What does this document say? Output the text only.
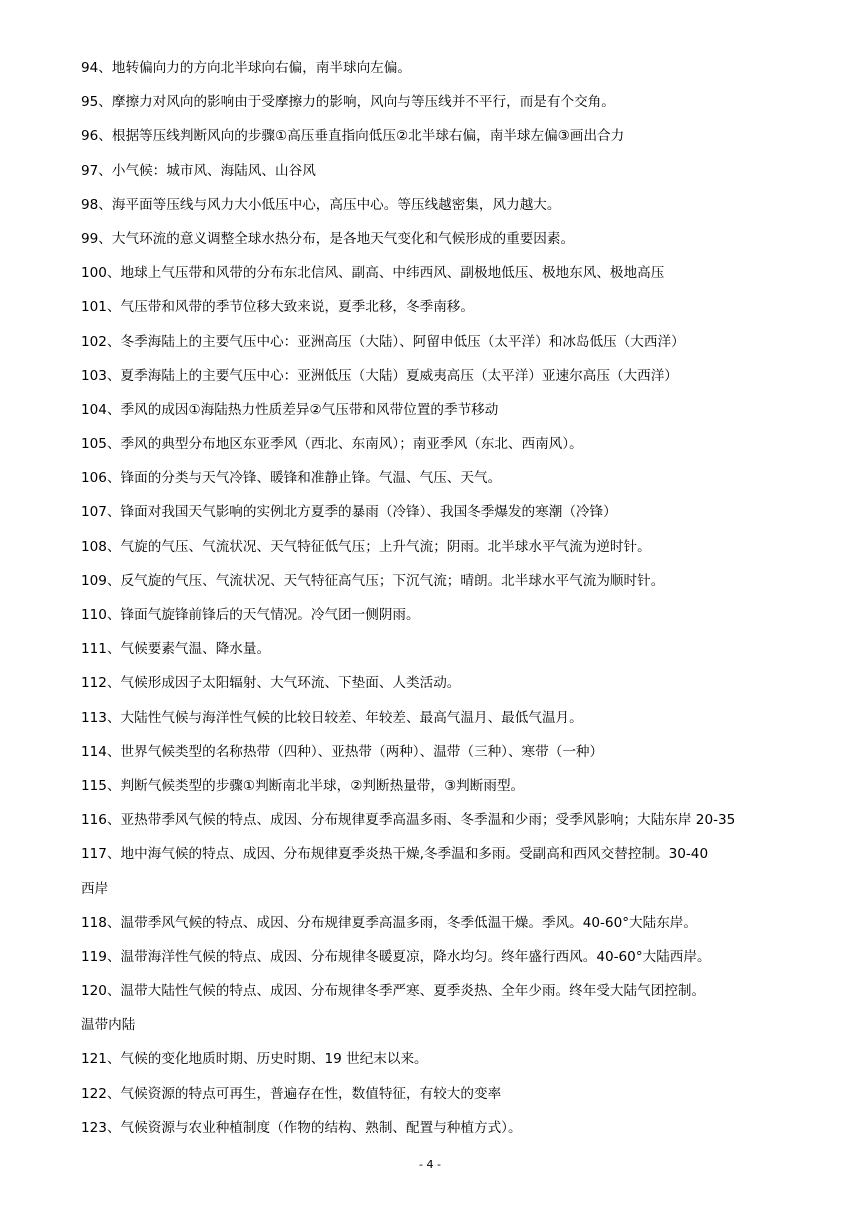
94、地转偏向力的方向北半球向右偏，南半球向左偏。
95、摩擦力对风向的影响由于受摩擦力的影响，风向与等压线并不平行，而是有个交角。
96、根据等压线判断风向的步骤①高压垂直指向低压②北半球右偏，南半球左偏③画出合力
97、小气候：城市风、海陆风、山谷风
98、海平面等压线与风力大小低压中心，高压中心。等压线越密集，风力越大。
99、大气环流的意义调整全球水热分布，是各地天气变化和气候形成的重要因素。
100、地球上气压带和风带的分布东北信风、副高、中纬西风、副极地低压、极地东风、极地高压
101、气压带和风带的季节位移大致来说，夏季北移，冬季南移。
102、冬季海陆上的主要气压中心：亚洲高压（大陆）、阿留申低压（太平洋）和冰岛低压（大西洋）
103、夏季海陆上的主要气压中心：亚洲低压（大陆）夏威夷高压（太平洋）亚速尔高压（大西洋）
104、季风的成因①海陆热力性质差异②气压带和风带位置的季节移动
105、季风的典型分布地区东亚季风（西北、东南风）；南亚季风（东北、西南风）。
106、锋面的分类与天气冷锋、暖锋和准静止锋。气温、气压、天气。
107、锋面对我国天气影响的实例北方夏季的暴雨（冷锋）、我国冬季爆发的寒潮（冷锋）
108、气旋的气压、气流状况、天气特征低气压；上升气流；阴雨。北半球水平气流为逆时针。
109、反气旋的气压、气流状况、天气特征高气压；下沉气流；晴朗。北半球水平气流为顺时针。
110、锋面气旋锋前锋后的天气情况。冷气团一侧阴雨。
111、气候要素气温、降水量。
112、气候形成因子太阳辐射、大气环流、下垫面、人类活动。
113、大陆性气候与海洋性气候的比较日较差、年较差、最高气温月、最低气温月。
114、世界气候类型的名称热带（四种）、亚热带（两种）、温带（三种）、寒带（一种）
115、判断气候类型的步骤①判断南北半球，②判断热量带，③判断雨型。
116、亚热带季风气候的特点、成因、分布规律夏季高温多雨、冬季温和少雨；受季风影响；大陆东岸 20-35
117、地中海气候的特点、成因、分布规律夏季炎热干燥,冬季温和多雨。受副高和西风交替控制。30-40
西岸
118、温带季风气候的特点、成因、分布规律夏季高温多雨，冬季低温干燥。季风。40-60°大陆东岸。
119、温带海洋性气候的特点、成因、分布规律冬暖夏凉，降水均匀。终年盛行西风。40-60°大陆西岸。
120、温带大陆性气候的特点、成因、分布规律冬季严寒、夏季炎热、全年少雨。终年受大陆气团控制。
温带内陆
121、气候的变化地质时期、历史时期、19 世纪末以来。
122、气候资源的特点可再生，普遍存在性，数值特征，有较大的变率
123、气候资源与农业种植制度（作物的结构、熟制、配置与种植方式）。
- 4 -
